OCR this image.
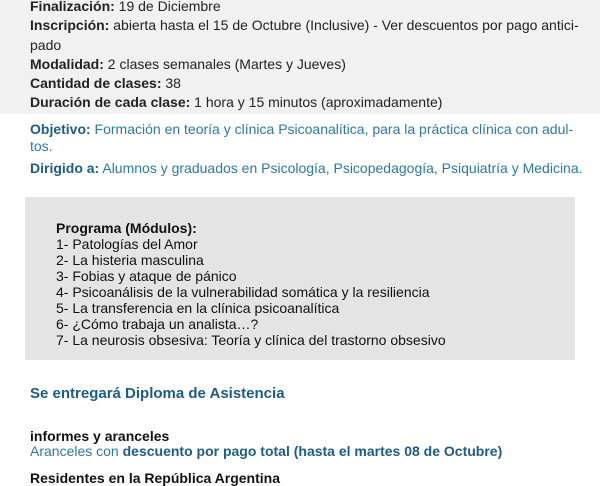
Finalización: 19 de Diciembre
Inscripción: abierta hasta el 15 de Octubre (Inclusive) - Ver descuentos por pago antici-
pado
Modalidad: 2 clases semanales (Martes y Jueves)
Cantidad de clases: 38
Duración de cada clase: 1 hora y 15 minutos (aproximadamente)
Objetivo: Formación en teoría y clínica Psicoanalítica, para la práctica clínica con adul-
tos.
Dirigido a: Alumnos y graduados en Psicología, Psicopedagogía, Psiquiatría y Medicina.
Programa (Módulos):
1- Patologías del Amor
2- La histeria masculina
3- Fobias y ataque de pánico
4- Psicoanálisis de la vulnerabilidad somática y la resiliencia
5- La transferencia en la clínica psicoanalítica
6- ¿Cómo trabaja un analista…?
7- La neurosis obsesiva: Teoría y clínica del trastorno obsesivo
Se entregará Diploma de Asistencia
informes y aranceles
Aranceles con descuento por pago total (hasta el martes 08 de Octubre)
Residentes en la República Argentina
